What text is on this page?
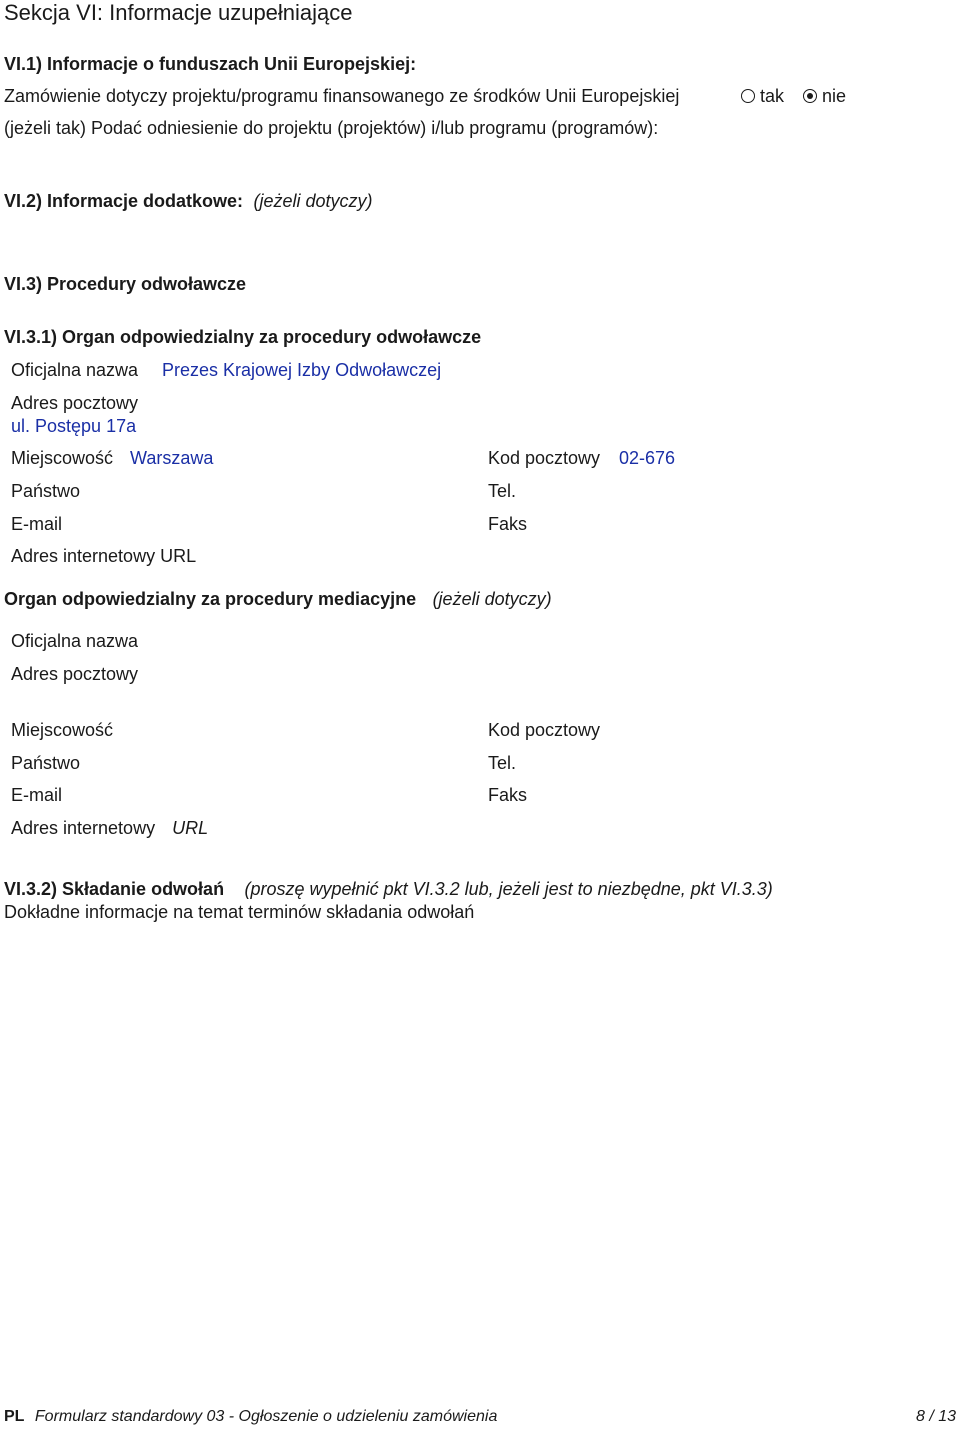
Sekcja VI: Informacje uzupełniające
VI.1) Informacje o funduszach Unii Europejskiej:
Zamówienie dotyczy projektu/programu finansowanego ze środków Unii Europejskiej	tak nie
(jeżeli tak) Podać odniesienie do projektu (projektów) i/lub programu (programów):
VI.2) Informacje dodatkowe: (jeżeli dotyczy)
VI.3) Procedury odwoławcze
VI.3.1) Organ odpowiedzialny za procedury odwoławcze
Oficjalna nazwa Prezes Krajowej Izby Odwoławczej
Adres pocztowy
ul. Postępu 17a
Miejscowość Warszawa	Kod pocztowy 02-676
Państwo	Tel.
E-mail	Faks
Adres internetowy URL
Organ odpowiedzialny za procedury mediacyjne (jeżeli dotyczy)
Oficjalna nazwa
Adres pocztowy
Miejscowość	Kod pocztowy
Państwo	Tel.
E-mail	Faks
Adres internetowy URL
VI.3.2) Składanie odwołań (proszę wypełnić pkt VI.3.2 lub, jeżeli jest to niezbędne, pkt VI.3.3)
Dokładne informacje na temat terminów składania odwołań
PL Formularz standardowy 03 - Ogłoszenie o udzieleniu zamówienia	8 / 13
